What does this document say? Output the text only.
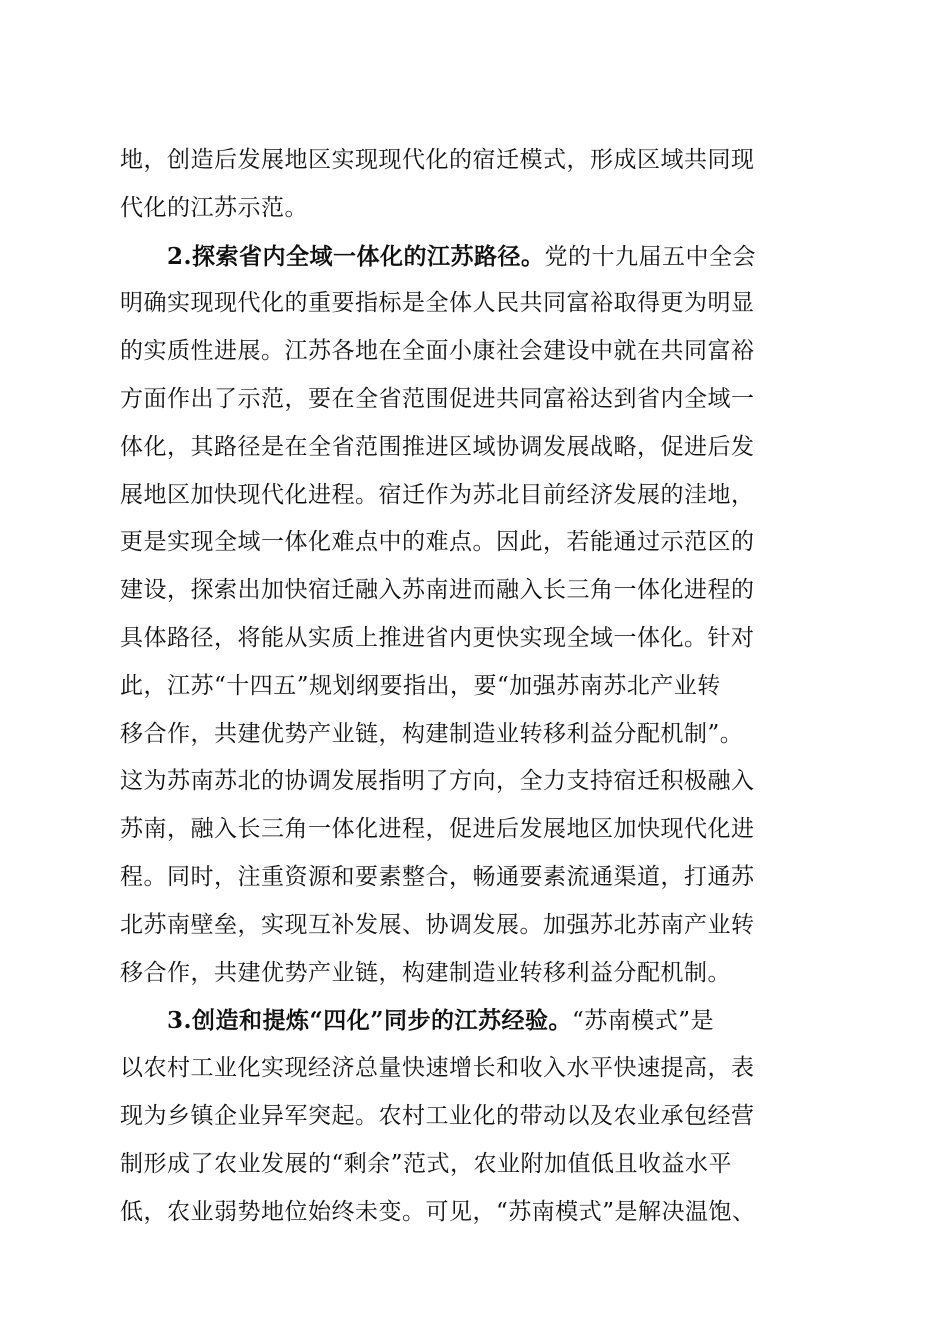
地，创造后发展地区实现现代化的宿迁模式，形成区域共同现
代化的江苏示范。
2.探索省内全域一体化的江苏路径。党的十九届五中全会
明确实现现代化的重要指标是全体人民共同富裕取得更为明显
的实质性进展。江苏各地在全面小康社会建设中就在共同富裕
方面作出了示范，要在全省范围促进共同富裕达到省内全域一
体化，其路径是在全省范围推进区域协调发展战略，促进后发
展地区加快现代化进程。宿迁作为苏北目前经济发展的洼地，
更是实现全域一体化难点中的难点。因此，若能通过示范区的
建设，探索出加快宿迁融入苏南进而融入长三角一体化进程的
具体路径，将能从实质上推进省内更快实现全域一体化。针对
此，江苏“十四五”规划纲要指出，要“加强苏南苏北产业转
移合作，共建优势产业链，构建制造业转移利益分配机制”。
这为苏南苏北的协调发展指明了方向，全力支持宿迁积极融入
苏南，融入长三角一体化进程，促进后发展地区加快现代化进
程。同时，注重资源和要素整合，畅通要素流通渠道，打通苏
北苏南壁垒，实现互补发展、协调发展。加强苏北苏南产业转
移合作，共建优势产业链，构建制造业转移利益分配机制。
3.创造和提炼“四化”同步的江苏经验。“苏南模式”是
以农村工业化实现经济总量快速增长和收入水平快速提高，表
现为乡镇企业异军突起。农村工业化的带动以及农业承包经营
制形成了农业发展的“剩余”范式，农业附加值低且收益水平
低，农业弱势地位始终未变。可见，“苏南模式”是解决温饱、
